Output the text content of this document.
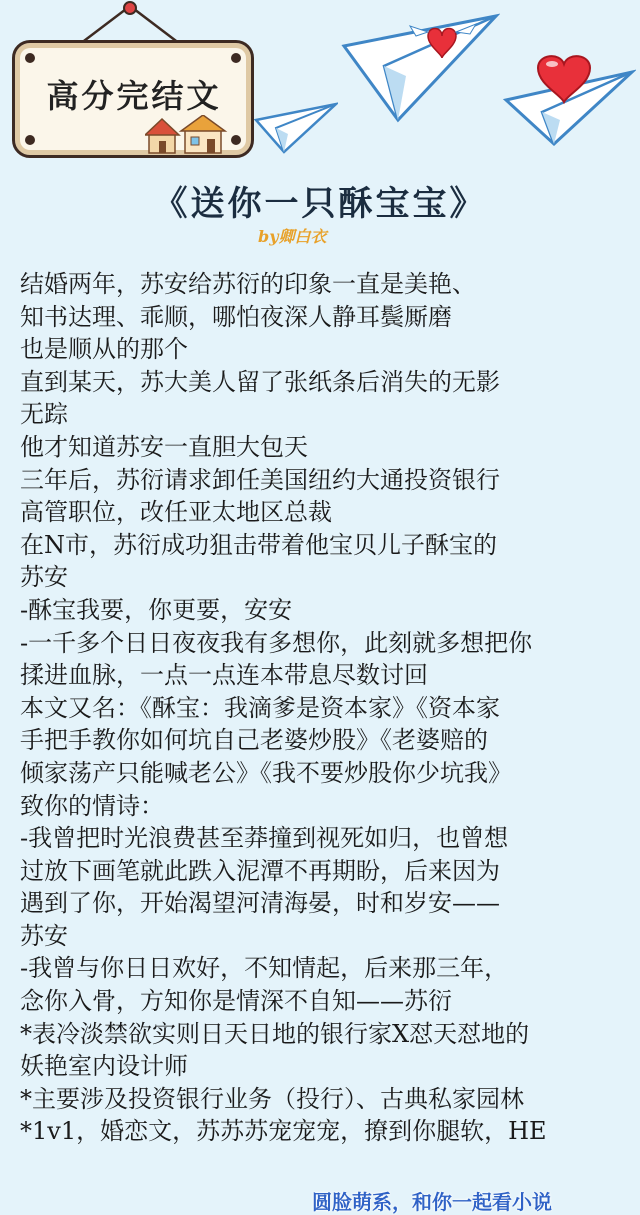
高分完结文
《送你一只酥宝宝》
by卿白衣
结婚两年，苏安给苏衍的印象一直是美艳、
知书达理、乖顺，哪怕夜深人静耳鬓厮磨
也是顺从的那个
直到某天，苏大美人留了张纸条后消失的无影
无踪
他才知道苏安一直胆大包天
三年后，苏衍请求卸任美国纽约大通投资银行
高管职位，改任亚太地区总裁
在N市，苏衍成功狙击带着他宝贝儿子酥宝的
苏安
-酥宝我要，你更要，安安
-一千多个日日夜夜我有多想你，此刻就多想把你
揉进血脉，一点一点连本带息尽数讨回
本文又名：《酥宝：我滴爹是资本家》《资本家
手把手教你如何坑自己老婆炒股》《老婆赔的
倾家荡产只能喊老公》《我不要炒股你少坑我》
致你的情诗：
-我曾把时光浪费甚至莽撞到视死如归，也曾想
过放下画笔就此跌入泥潭不再期盼，后来因为
遇到了你，开始渴望河清海晏，时和岁安——
苏安
-我曾与你日日欢好，不知情起，后来那三年，
念你入骨，方知你是情深不自知——苏衍
*表冷淡禁欲实则日天日地的银行家X怼天怼地的
妖艳室内设计师
*主要涉及投资银行业务（投行）、古典私家园林
*1v1，婚恋文，苏苏苏宠宠宠，撩到你腿软，HE
圆脸萌系，和你一起看小说
